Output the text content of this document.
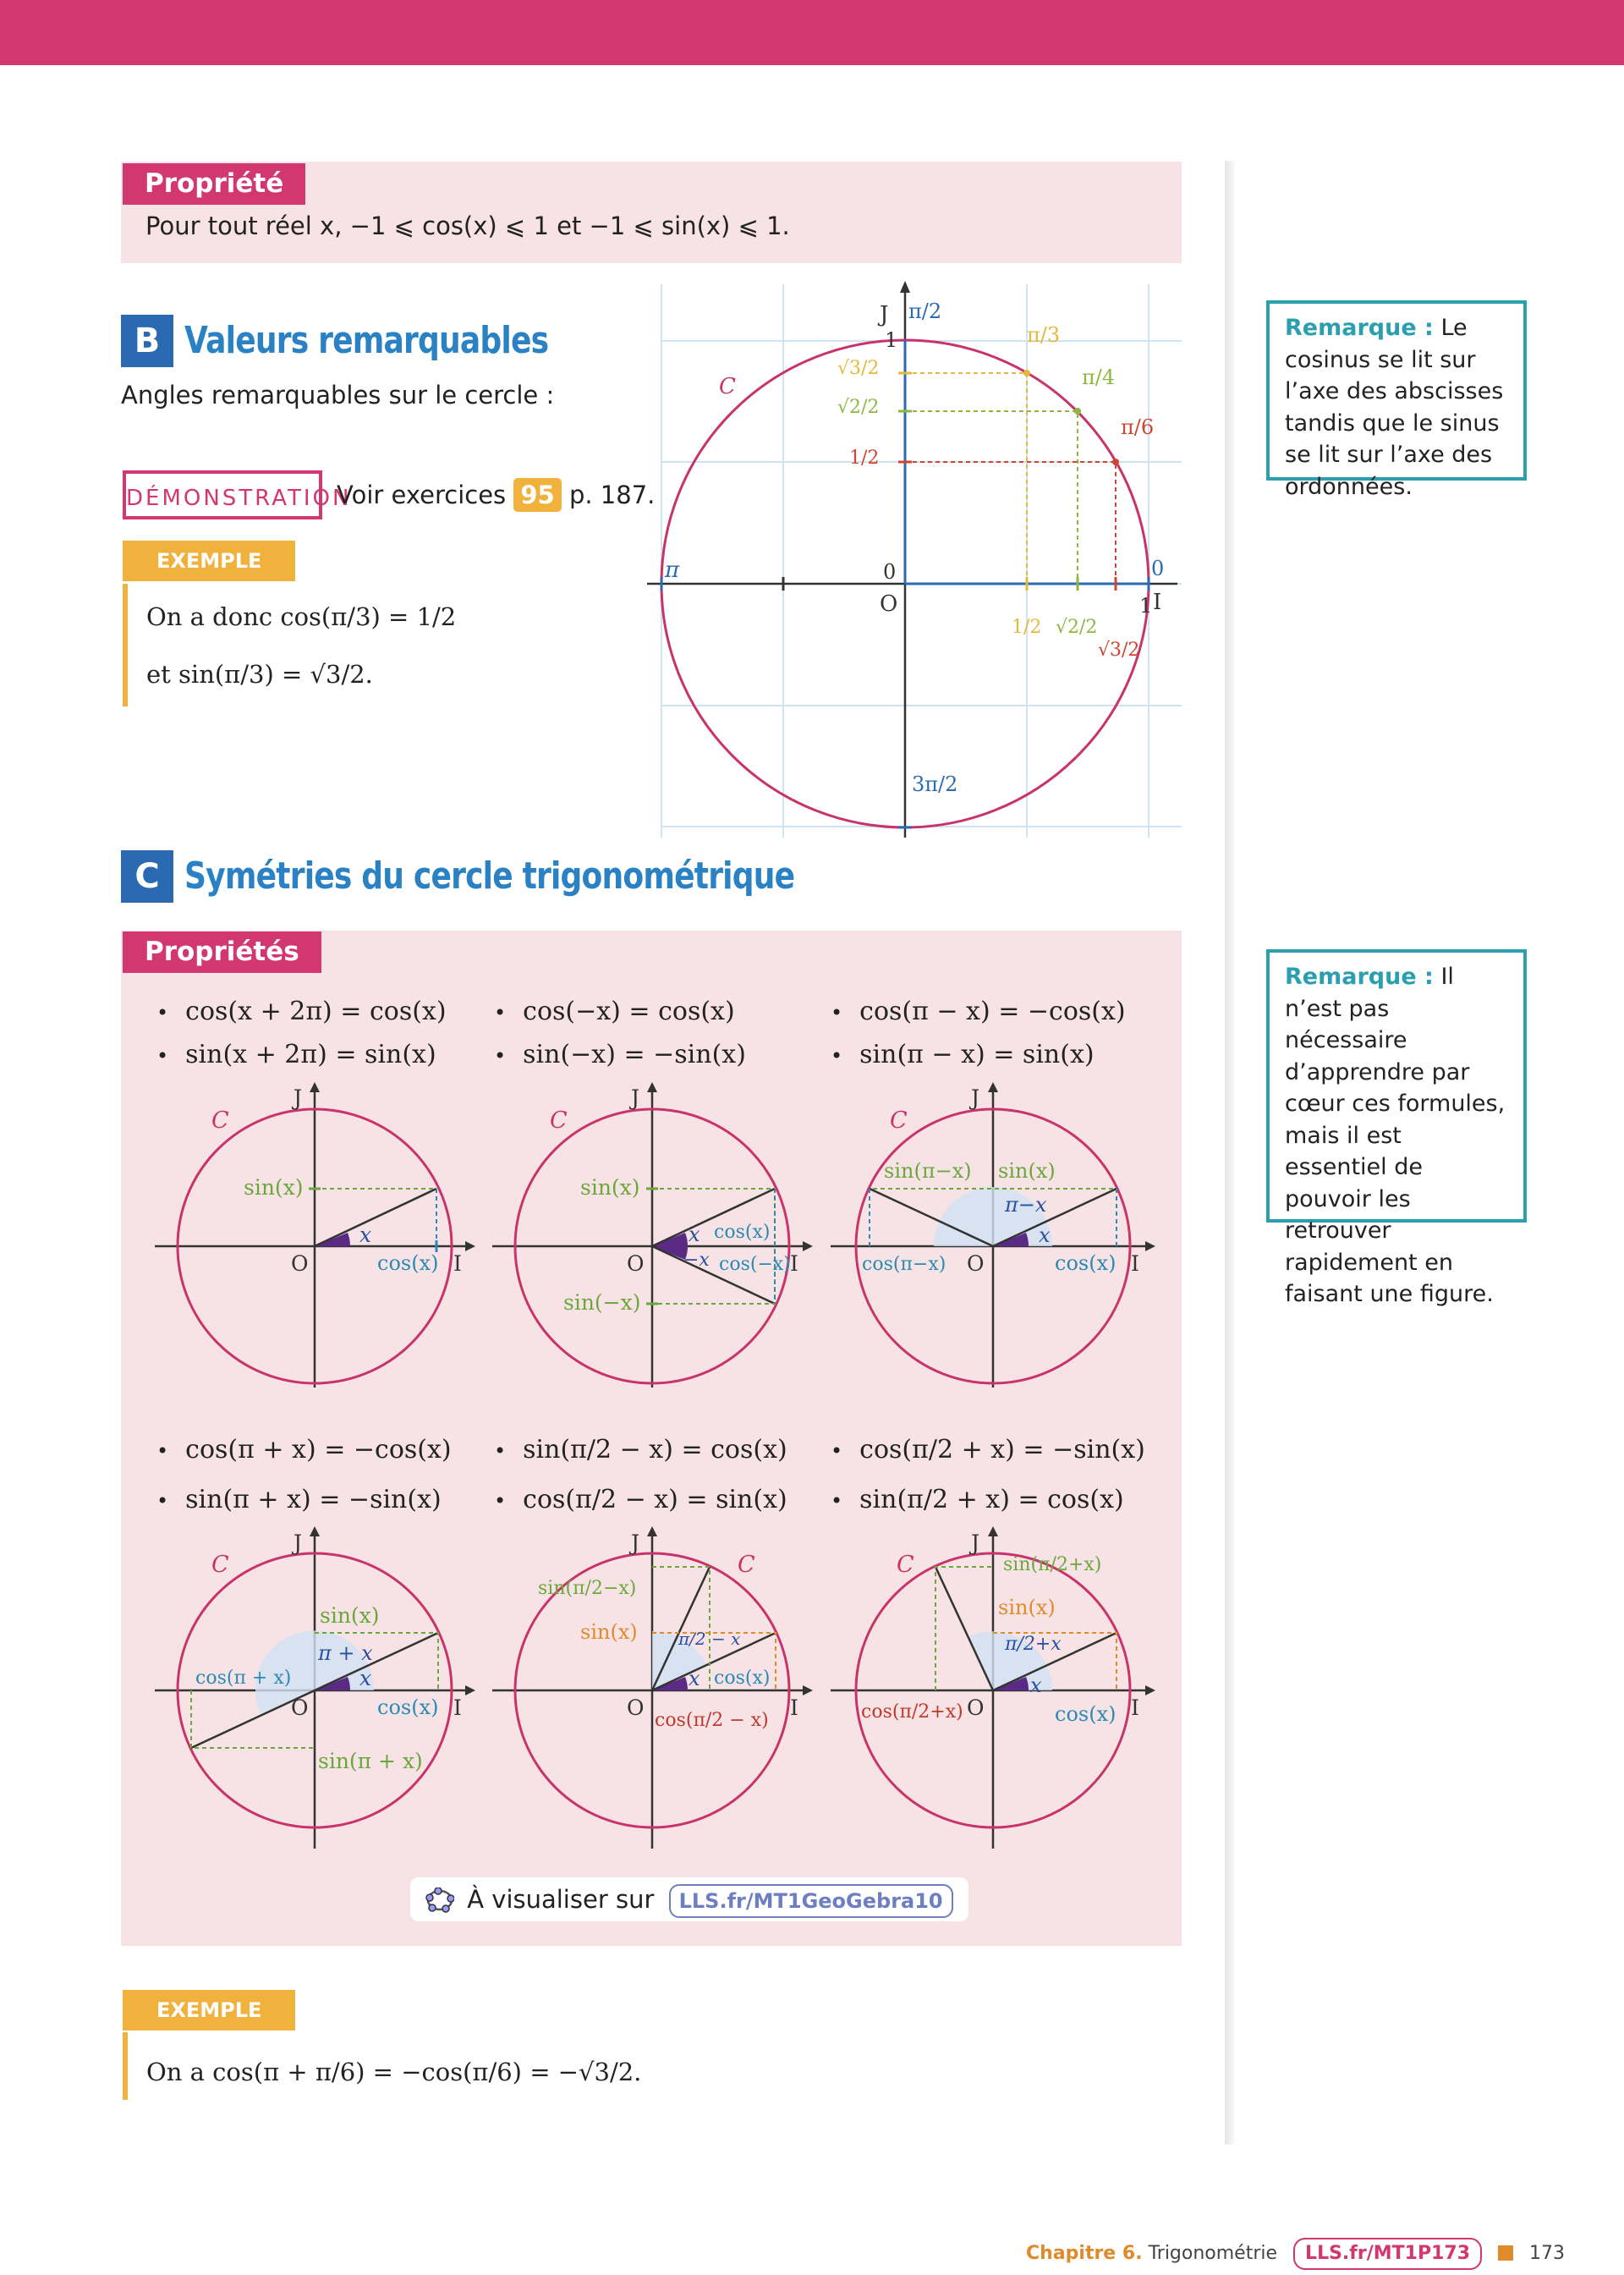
Propriété
Pour tout réel x, −1 ⩽ cos(x) ⩽ 1 et −1 ⩽ sin(x) ⩽ 1.
B Valeurs remarquables
Angles remarquables sur le cercle :
DÉMONSTRATION
Voir exercices 95 p. 187.
EXEMPLE
On a donc cos(π/3) = 1/2
et sin(π/3) = √3/2.
C
J
1
I
1
O
0
π/2
π/3
π/4
π/6
π	0
3π/2
√3/2
√2/2
1/2
1/2 √2/2
√3/2
Remarque : Le cosinus se lit sur l’axe des abscisses tandis que le sinus se lit sur l’axe des ordonnées.
C Symétries du cercle trigonométrique
Propriétés
• cos(x + 2π) = cos(x)
• sin(x + 2π) = sin(x)
• cos(−x) = cos(x)
• sin(−x) = −sin(x)
• cos(π − x) = −cos(x)
• sin(π − x) = sin(x)
• cos(π + x) = −cos(x)
• sin(π + x) = −sin(x)
• sin(π/2 − x) = cos(x)
• cos(π/2 − x) = sin(x)
• cos(π/2 + x) = −sin(x)
• sin(π/2 + x) = cos(x)
C
J
I
O
x
sin(x)
cos(x)
C
J
I
O
x
−x
sin(x)
sin(−x)
cos(x)
cos(−x)
C
J
I
O
x
π−x
sin(π−x) sin(x)
cos(π−x)	cos(x)
C
J
I
O
x
π + x
sin(x)
cos(π + x)
cos(x)
sin(π + x)
C
J
I
O
x
π/2 − x
sin(π/2−x)
sin(x)
cos(x)
cos(π/2 − x)
C
J
I
O
x
π/2+x
sin(π/2+x)
sin(x)
cos(π/2+x)	cos(x)
À visualiser sur LLS.fr/MT1GeoGebra10
Remarque : Il n’est pas nécessaire d’apprendre par cœur ces formules, mais il est essentiel de pouvoir les retrouver rapidement en faisant une figure.
EXEMPLE
On a cos(π + π/6) = −cos(π/6) = −√3/2.
Chapitre 6. Trigonométrie LLS.fr/MT1P173	173
